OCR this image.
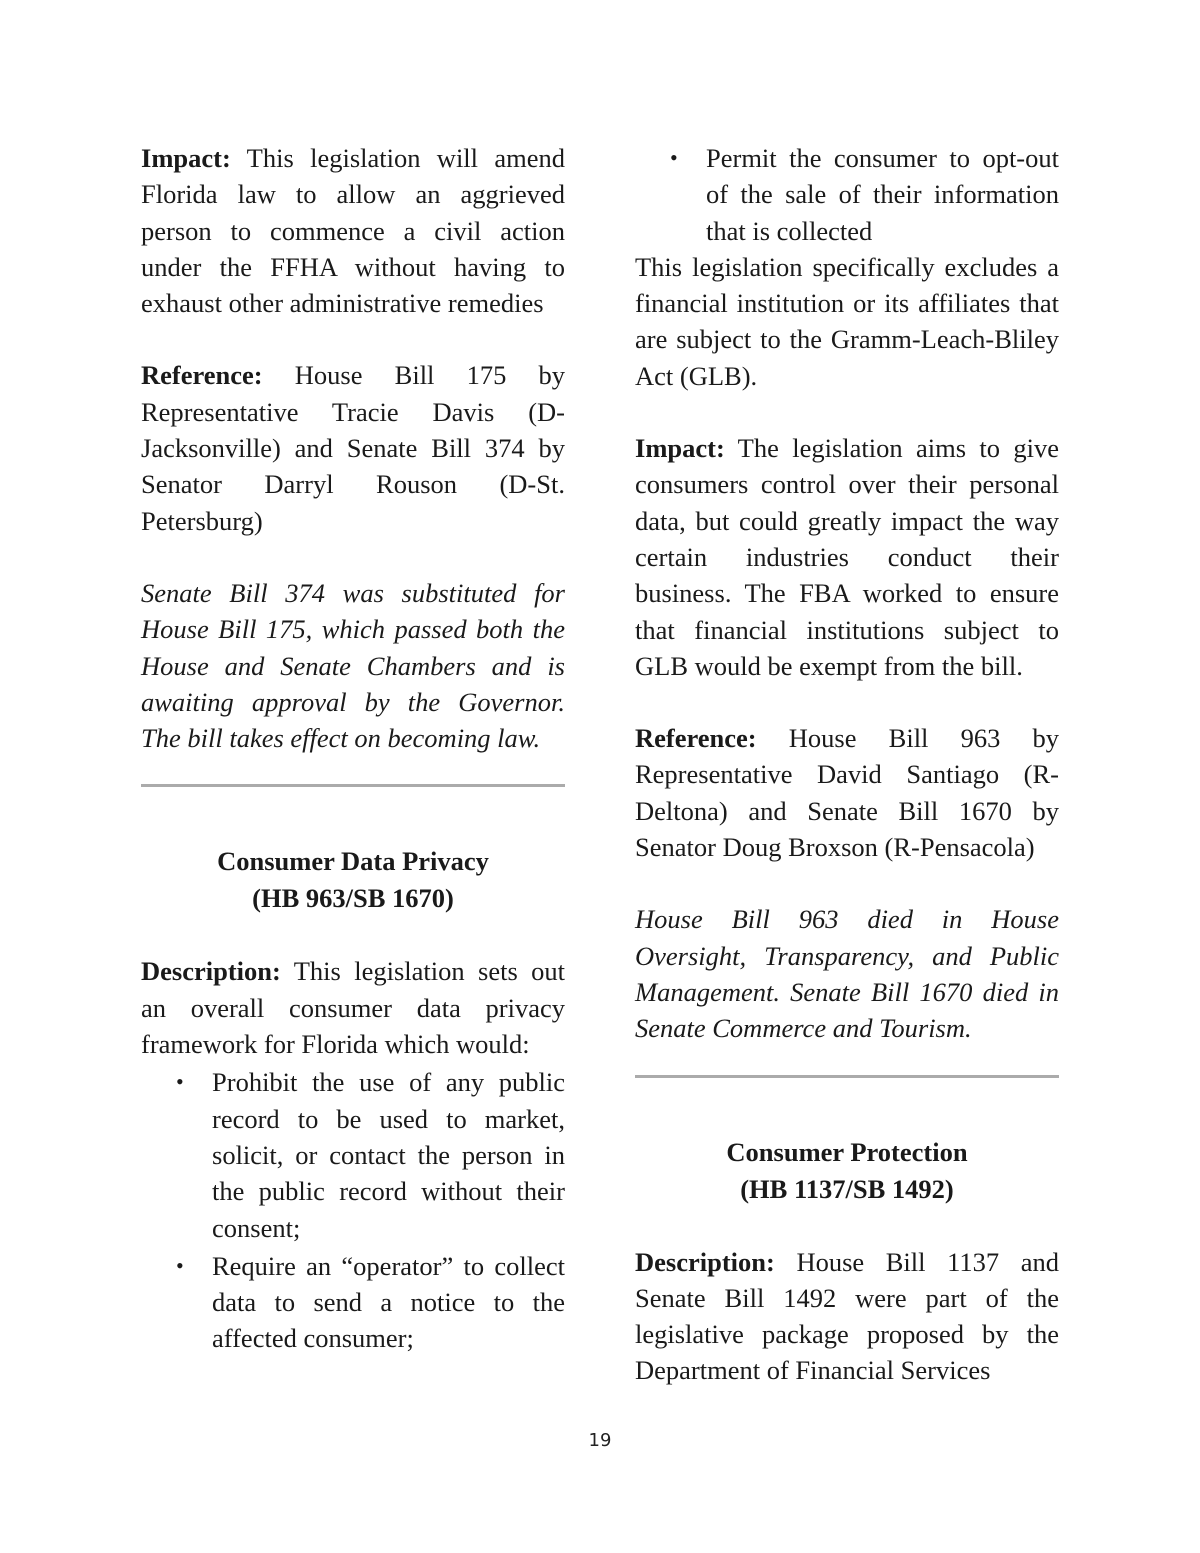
Impact: This legislation will amend Florida law to allow an aggrieved person to commence a civil action under the FFHA without having to exhaust other administrative remedies

Reference: House Bill 175 by Representative Tracie Davis (D-Jacksonville) and Senate Bill 374 by Senator Darryl Rouson (D-St. Petersburg)

Senate Bill 374 was substituted for House Bill 175, which passed both the House and Senate Chambers and is awaiting approval by the Governor. The bill takes effect on becoming law.

Consumer Data Privacy
(HB 963/SB 1670)

Description: This legislation sets out an overall consumer data privacy framework for Florida which would:

• Prohibit the use of any public record to be used to market, solicit, or contact the person in the public record without their consent;
• Require an “operator” to collect data to send a notice to the affected consumer;
• Permit the consumer to opt-out of the sale of their information that is collected

This legislation specifically excludes a financial institution or its affiliates that are subject to the Gramm-Leach-Bliley Act (GLB).

Impact: The legislation aims to give consumers control over their personal data, but could greatly impact the way certain industries conduct their business. The FBA worked to ensure that financial institutions subject to GLB would be exempt from the bill.

Reference: House Bill 963 by Representative David Santiago (R-Deltona) and Senate Bill 1670 by Senator Doug Broxson (R-Pensacola)

House Bill 963 died in House Oversight, Transparency, and Public Management. Senate Bill 1670 died in Senate Commerce and Tourism.

Consumer Protection
(HB 1137/SB 1492)

Description: House Bill 1137 and Senate Bill 1492 were part of the legislative package proposed by the Department of Financial Services

19
